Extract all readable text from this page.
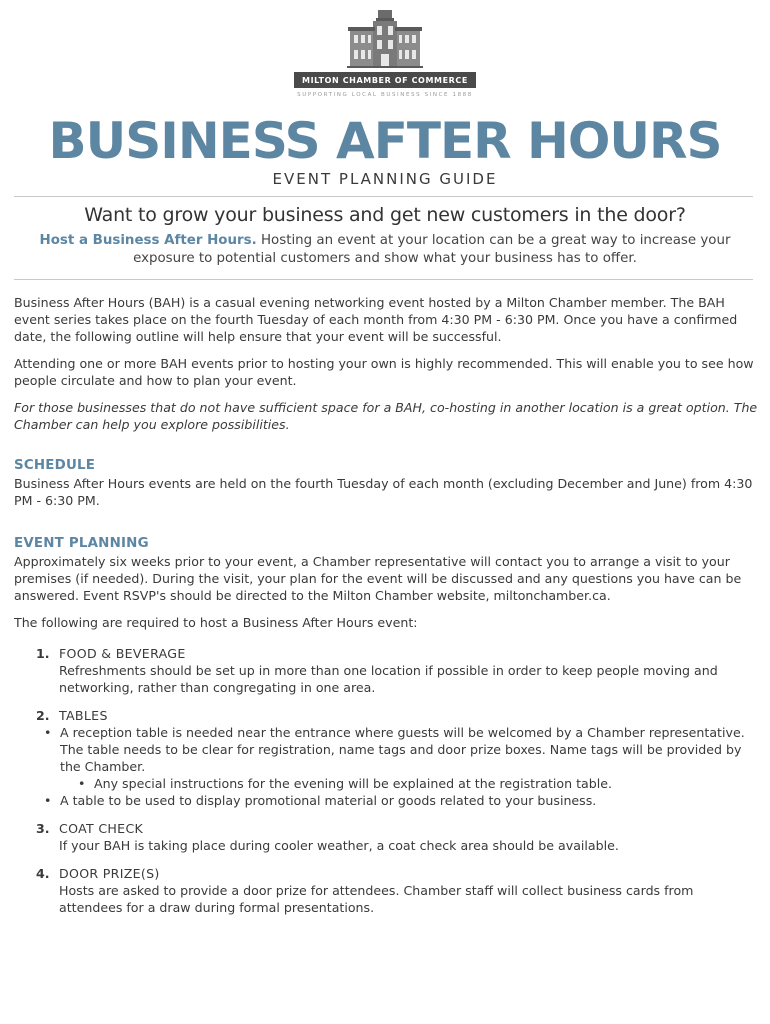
MILTON CHAMBER OF COMMERCE
SUPPORTING LOCAL BUSINESS SINCE 1888
BUSINESS AFTER HOURS
EVENT PLANNING GUIDE
Want to grow your business and get new customers in the door?
Host a Business After Hours. Hosting an event at your location can be a great way to increase your exposure to potential customers and show what your business has to offer.

Business After Hours (BAH) is a casual evening networking event hosted by a Milton Chamber member. The BAH event series takes place on the fourth Tuesday of each month from 4:30 PM - 6:30 PM. Once you have a confirmed date, the following outline will help ensure that your event will be successful.

Attending one or more BAH events prior to hosting your own is highly recommended. This will enable you to see how people circulate and how to plan your event.

For those businesses that do not have sufficient space for a BAH, co-hosting in another location is a great option. The Chamber can help you explore possibilities.

SCHEDULE

Business After Hours events are held on the fourth Tuesday of each month (excluding December and June) from 4:30 PM - 6:30 PM.

EVENT PLANNING

Approximately six weeks prior to your event, a Chamber representative will contact you to arrange a visit to your premises (if needed). During the visit, your plan for the event will be discussed and any questions you have can be answered. Event RSVP's should be directed to the Milton Chamber website, miltonchamber.ca.

The following are required to host a Business After Hours event:

1. FOOD & BEVERAGE
Refreshments should be set up in more than one location if possible in order to keep people moving and networking, rather than congregating in one area.
2. TABLES
• A reception table is needed near the entrance where guests will be welcomed by a Chamber representative. The table needs to be clear for registration, name tags and door prize boxes. Name tags will be provided by the Chamber.
• Any special instructions for the evening will be explained at the registration table.
• A table to be used to display promotional material or goods related to your business.
3. COAT CHECK
If your BAH is taking place during cooler weather, a coat check area should be available.
4. DOOR PRIZE(S)
Hosts are asked to provide a door prize for attendees. Chamber staff will collect business cards from attendees for a draw during formal presentations.
